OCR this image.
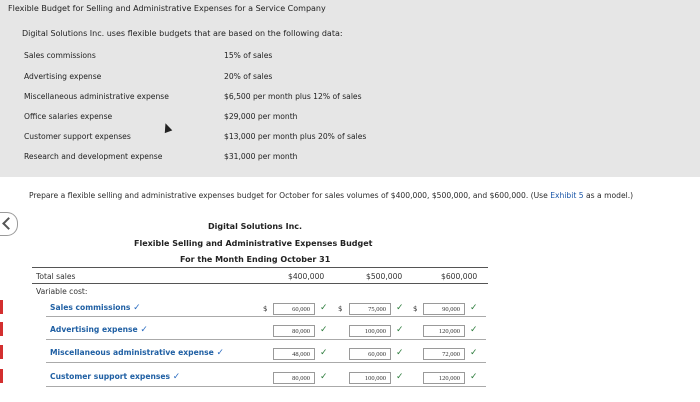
Flexible Budget for Selling and Administrative Expenses for a Service Company
Digital Solutions Inc. uses flexible budgets that are based on the following data:
Sales commissions	15% of sales
Advertising expense	20% of sales
Miscellaneous administrative expense	$6,500 per month plus 12% of sales
Office salaries expense	$29,000 per month
Customer support expenses	$13,000 per month plus 20% of sales
Research and development expense	$31,000 per month
Prepare a flexible selling and administrative expenses budget for October for sales volumes of $400,000, $500,000, and $600,000. (Use Exhibit 5 as a model.)
Digital Solutions Inc.
Flexible Selling and Administrative Expenses Budget
For the Month Ending October 31
Total sales	$400,000	$500,000	$600,000
Variable cost:
Sales commissions ✓	$	60,000	✓ $	75,000	✓ $	90,000	✓
Advertising expense ✓	80,000	✓	100,000	✓	120,000	✓
Miscellaneous administrative expense ✓	48,000	✓	60,000	✓	72,000	✓
Customer support expenses ✓	80,000	✓	100,000	✓	120,000	✓
